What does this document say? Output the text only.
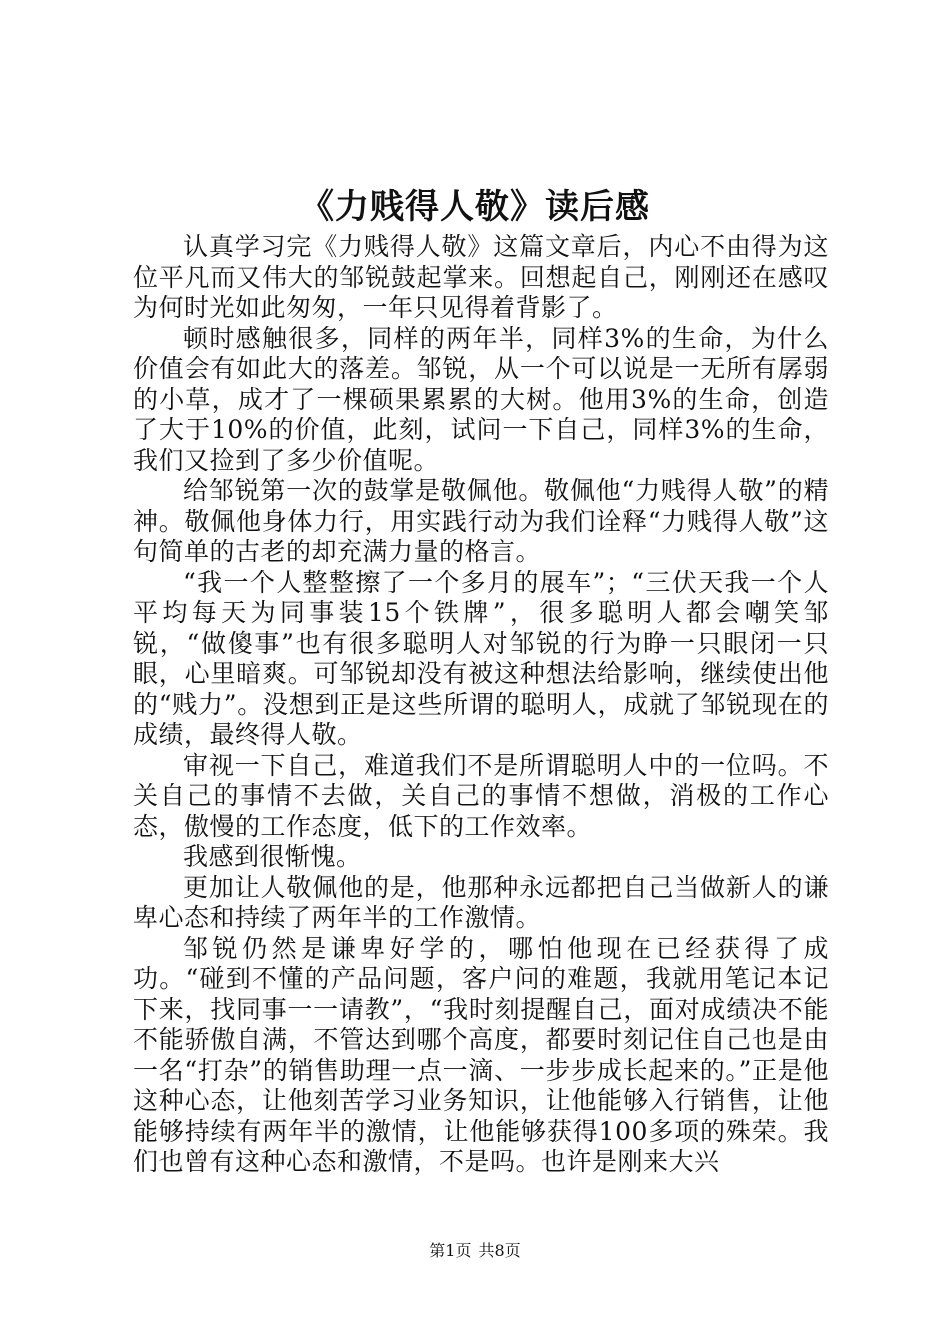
《力贱得人敬》读后感

认真学习完《力贱得人敬》这篇文章后，内心不由得为这位平凡而又伟大的邹锐鼓起掌来。回想起自己，刚刚还在感叹为何时光如此匆匆，一年只见得着背影了。

顿时感触很多，同样的两年半，同样3%的生命，为什么价值会有如此大的落差。邹锐，从一个可以说是一无所有孱弱的小草，成才了一棵硕果累累的大树。他用3%的生命，创造了大于10%的价值，此刻，试问一下自己，同样3%的生命，我们又捡到了多少价值呢。

给邹锐第一次的鼓掌是敬佩他。敬佩他“力贱得人敬”的精神。敬佩他身体力行，用实践行动为我们诠释“力贱得人敬”这句简单的古老的却充满力量的格言。

“我一个人整整擦了一个多月的展车”；“三伏天我一个人平均每天为同事装15个铁牌”，很多聪明人都会嘲笑邹锐，“做傻事”也有很多聪明人对邹锐的行为睁一只眼闭一只眼，心里暗爽。可邹锐却没有被这种想法给影响，继续使出他的“贱力”。没想到正是这些所谓的聪明人，成就了邹锐现在的成绩，最终得人敬。

审视一下自己，难道我们不是所谓聪明人中的一位吗。不关自己的事情不去做，关自己的事情不想做，消极的工作心态，傲慢的工作态度，低下的工作效率。

我感到很惭愧。

更加让人敬佩他的是，他那种永远都把自己当做新人的谦卑心态和持续了两年半的工作激情。

邹锐仍然是谦卑好学的，哪怕他现在已经获得了成功。“碰到不懂的产品问题，客户问的难题，我就用笔记本记下来，找同事一一请教”，“我时刻提醒自己，面对成绩决不能不能骄傲自满，不管达到哪个高度，都要时刻记住自己也是由一名“打杂”的销售助理一点一滴、一步步成长起来的。”正是他这种心态，让他刻苦学习业务知识，让他能够入行销售，让他能够持续有两年半的激情，让他能够获得100多项的殊荣。我们也曾有这种心态和激情，不是吗。也许是刚来大兴

第1页 共8页
